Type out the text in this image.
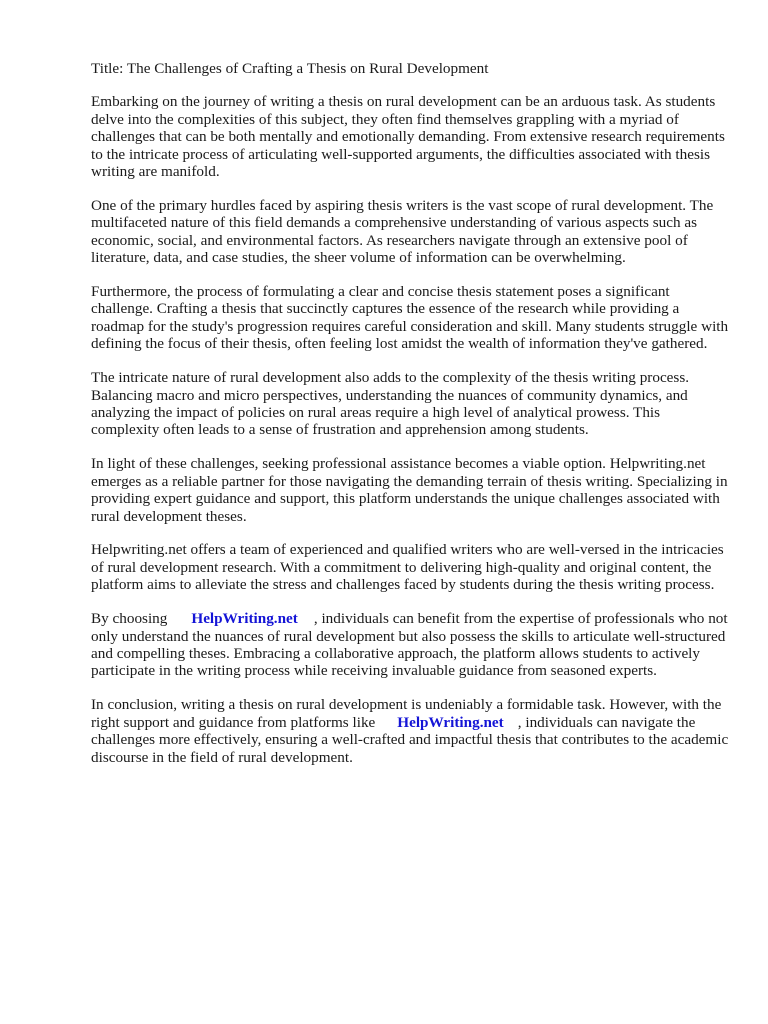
Title: The Challenges of Crafting a Thesis on Rural Development

Embarking on the journey of writing a thesis on rural development can be an arduous task. As students delve into the complexities of this subject, they often find themselves grappling with a myriad of challenges that can be both mentally and emotionally demanding. From extensive research requirements to the intricate process of articulating well-supported arguments, the difficulties associated with thesis writing are manifold.

One of the primary hurdles faced by aspiring thesis writers is the vast scope of rural development. The multifaceted nature of this field demands a comprehensive understanding of various aspects such as economic, social, and environmental factors. As researchers navigate through an extensive pool of literature, data, and case studies, the sheer volume of information can be overwhelming.

Furthermore, the process of formulating a clear and concise thesis statement poses a significant challenge. Crafting a thesis that succinctly captures the essence of the research while providing a roadmap for the study's progression requires careful consideration and skill. Many students struggle with defining the focus of their thesis, often feeling lost amidst the wealth of information they've gathered.

The intricate nature of rural development also adds to the complexity of the thesis writing process. Balancing macro and micro perspectives, understanding the nuances of community dynamics, and analyzing the impact of policies on rural areas require a high level of analytical prowess. This complexity often leads to a sense of frustration and apprehension among students.

In light of these challenges, seeking professional assistance becomes a viable option. Helpwriting.net emerges as a reliable partner for those navigating the demanding terrain of thesis writing. Specializing in providing expert guidance and support, this platform understands the unique challenges associated with rural development theses.

Helpwriting.net offers a team of experienced and qualified writers who are well-versed in the intricacies of rural development research. With a commitment to delivering high-quality and original content, the platform aims to alleviate the stress and challenges faced by students during the thesis writing process.

By choosing HelpWriting.net , individuals can benefit from the expertise of professionals who not only understand the nuances of rural development but also possess the skills to articulate well-structured and compelling theses. Embracing a collaborative approach, the platform allows students to actively participate in the writing process while receiving invaluable guidance from seasoned experts.

In conclusion, writing a thesis on rural development is undeniably a formidable task. However, with the right support and guidance from platforms like HelpWriting.net , individuals can navigate the challenges more effectively, ensuring a well-crafted and impactful thesis that contributes to the academic discourse in the field of rural development.
